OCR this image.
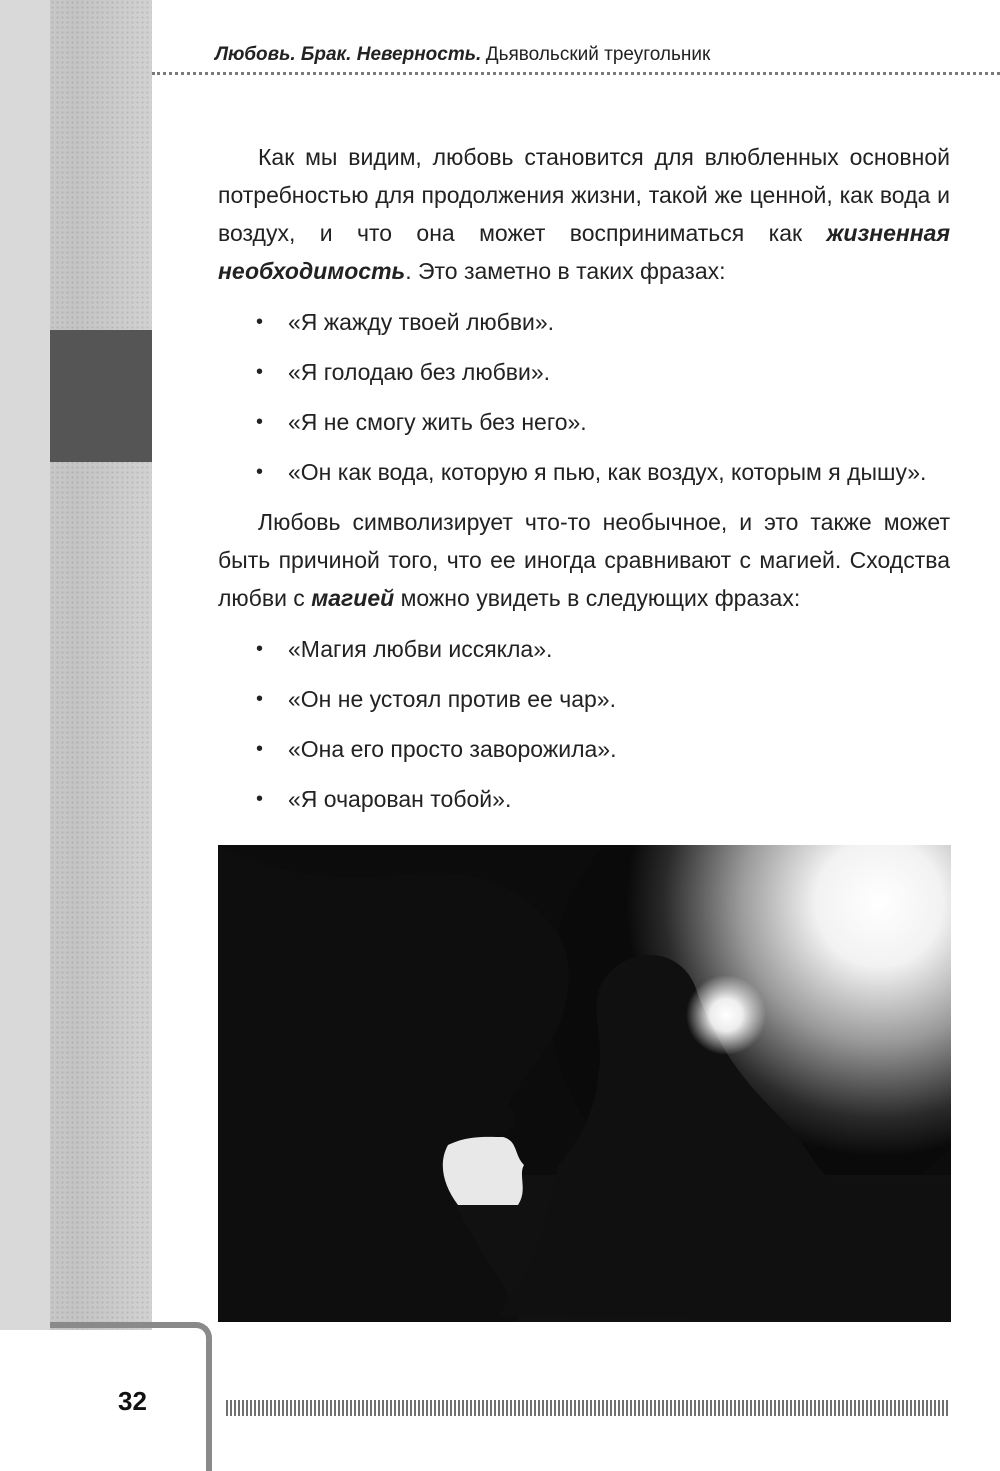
Любовь. Брак. Неверность. Дьявольский треугольник

Как мы видим, любовь становится для влюбленных основной потребностью для продолжения жизни, такой же ценной, как вода и воздух, и что она может восприниматься как жизненная необходимость. Это заметно в таких фразах:

• «Я жажду твоей любви».
• «Я голодаю без любви».
• «Я не смогу жить без него».
• «Он как вода, которую я пью, как воздух, которым я дышу».

Любовь символизирует что-то необычное, и это также может быть причиной того, что ее иногда сравнивают с магией. Сходства любви с магией можно увидеть в следующих фразах:

• «Магия любви иссякла».
• «Он не устоял против ее чар».
• «Она его просто заворожила».
• «Я очарован тобой».
32
